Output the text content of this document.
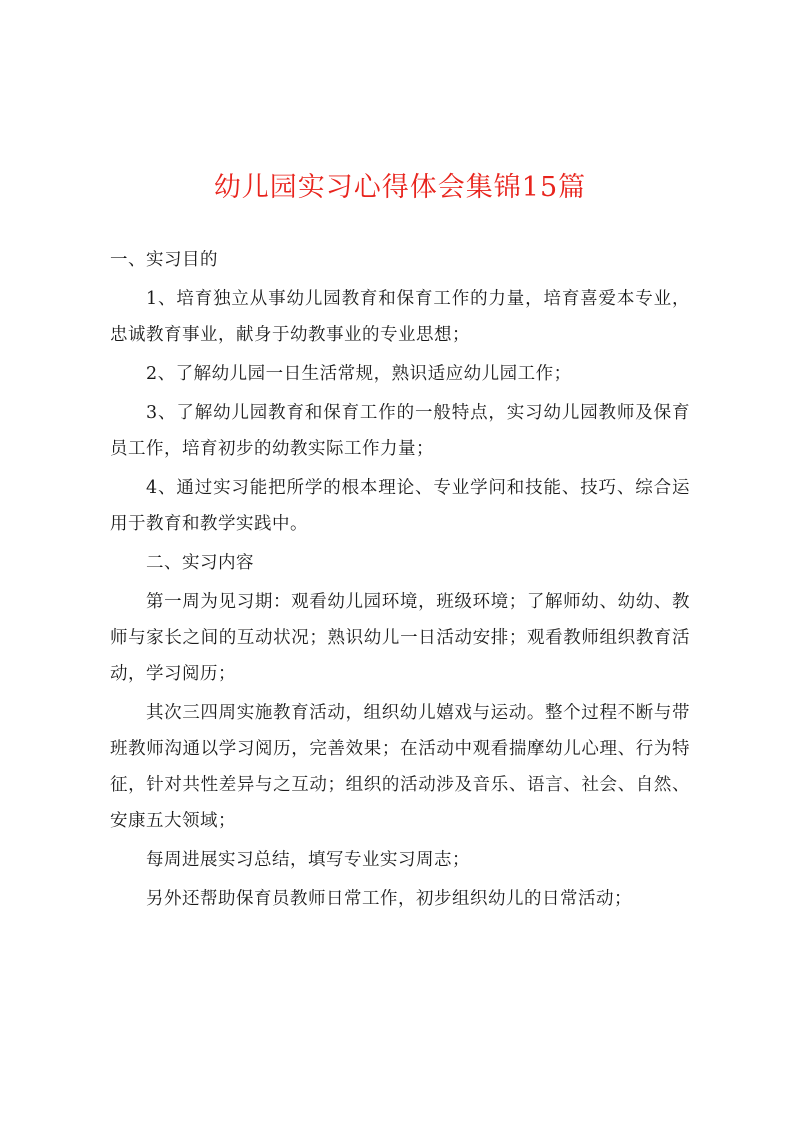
幼儿园实习心得体会集锦15篇

一、实习目的

1、培育独立从事幼儿园教育和保育工作的力量，培育喜爱本专业，忠诚教育事业，献身于幼教事业的专业思想；

2、了解幼儿园一日生活常规，熟识适应幼儿园工作；

3、了解幼儿园教育和保育工作的一般特点，实习幼儿园教师及保育员工作，培育初步的幼教实际工作力量；

4、通过实习能把所学的根本理论、专业学问和技能、技巧、综合运用于教育和教学实践中。

二、实习内容

第一周为见习期：观看幼儿园环境，班级环境；了解师幼、幼幼、教师与家长之间的互动状况；熟识幼儿一日活动安排；观看教师组织教育活动，学习阅历；

其次三四周实施教育活动，组织幼儿嬉戏与运动。整个过程不断与带班教师沟通以学习阅历，完善效果；在活动中观看揣摩幼儿心理、行为特征，针对共性差异与之互动；组织的活动涉及音乐、语言、社会、自然、安康五大领域；

每周进展实习总结，填写专业实习周志；

另外还帮助保育员教师日常工作，初步组织幼儿的日常活动；
